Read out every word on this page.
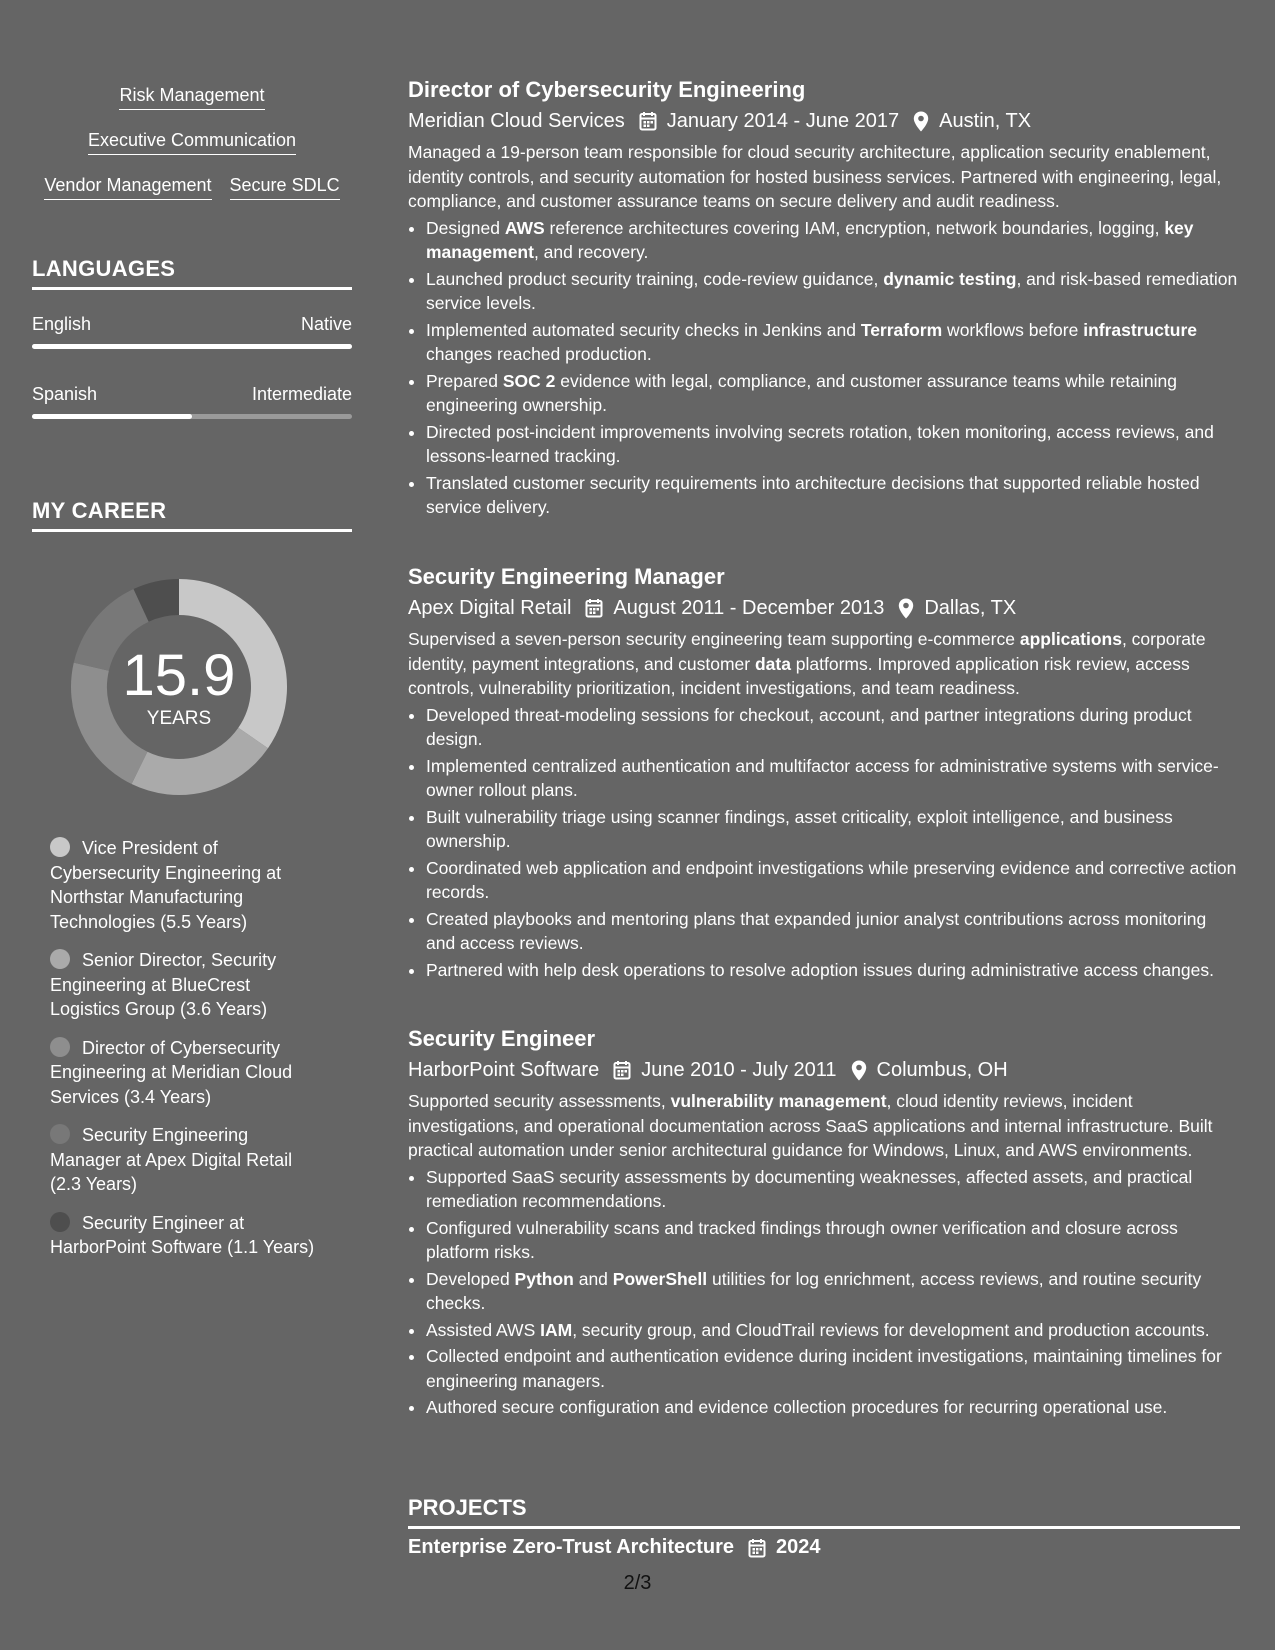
Risk Management
Executive Communication
Vendor Management Secure SDLC
LANGUAGES
English	Native
Spanish	Intermediate
MY CAREER
15.9
YEARS
Vice President of Cybersecurity Engineering at Northstar Manufacturing Technologies (5.5 Years)
Senior Director, Security Engineering at BlueCrest Logistics Group (3.6 Years)
Director of Cybersecurity Engineering at Meridian Cloud Services (3.4 Years)
Security Engineering Manager at Apex Digital Retail (2.3 Years)
Security Engineer at HarborPoint Software (1.1 Years)
Director of Cybersecurity Engineering
Meridian Cloud Services January 2014 - June 2017 Austin, TX
Managed a 19-person team responsible for cloud security architecture, application security enablement, identity controls, and security automation for hosted business services. Partnered with engineering, legal, compliance, and customer assurance teams on secure delivery and audit readiness.
• Designed AWS reference architectures covering IAM, encryption, network boundaries, logging, key management, and recovery.
• Launched product security training, code-review guidance, dynamic testing, and risk-based remediation service levels.
• Implemented automated security checks in Jenkins and Terraform workflows before infrastructure changes reached production.
• Prepared SOC 2 evidence with legal, compliance, and customer assurance teams while retaining engineering ownership.
• Directed post-incident improvements involving secrets rotation, token monitoring, access reviews, and lessons-learned tracking.
• Translated customer security requirements into architecture decisions that supported reliable hosted service delivery.
Security Engineering Manager
Apex Digital Retail August 2011 - December 2013 Dallas, TX
Supervised a seven-person security engineering team supporting e-commerce applications, corporate identity, payment integrations, and customer data platforms. Improved application risk review, access controls, vulnerability prioritization, incident investigations, and team readiness.
• Developed threat-modeling sessions for checkout, account, and partner integrations during product design.
• Implemented centralized authentication and multifactor access for administrative systems with service-owner rollout plans.
• Built vulnerability triage using scanner findings, asset criticality, exploit intelligence, and business ownership.
• Coordinated web application and endpoint investigations while preserving evidence and corrective action records.
• Created playbooks and mentoring plans that expanded junior analyst contributions across monitoring and access reviews.
• Partnered with help desk operations to resolve adoption issues during administrative access changes.
Security Engineer
HarborPoint Software June 2010 - July 2011 Columbus, OH
Supported security assessments, vulnerability management, cloud identity reviews, incident investigations, and operational documentation across SaaS applications and internal infrastructure. Built practical automation under senior architectural guidance for Windows, Linux, and AWS environments.
• Supported SaaS security assessments by documenting weaknesses, affected assets, and practical remediation recommendations.
• Configured vulnerability scans and tracked findings through owner verification and closure across platform risks.
• Developed Python and PowerShell utilities for log enrichment, access reviews, and routine security checks.
• Assisted AWS IAM, security group, and CloudTrail reviews for development and production accounts.
• Collected endpoint and authentication evidence during incident investigations, maintaining timelines for engineering managers.
• Authored secure configuration and evidence collection procedures for recurring operational use.
PROJECTS
Enterprise Zero-Trust Architecture 2024
2/3
